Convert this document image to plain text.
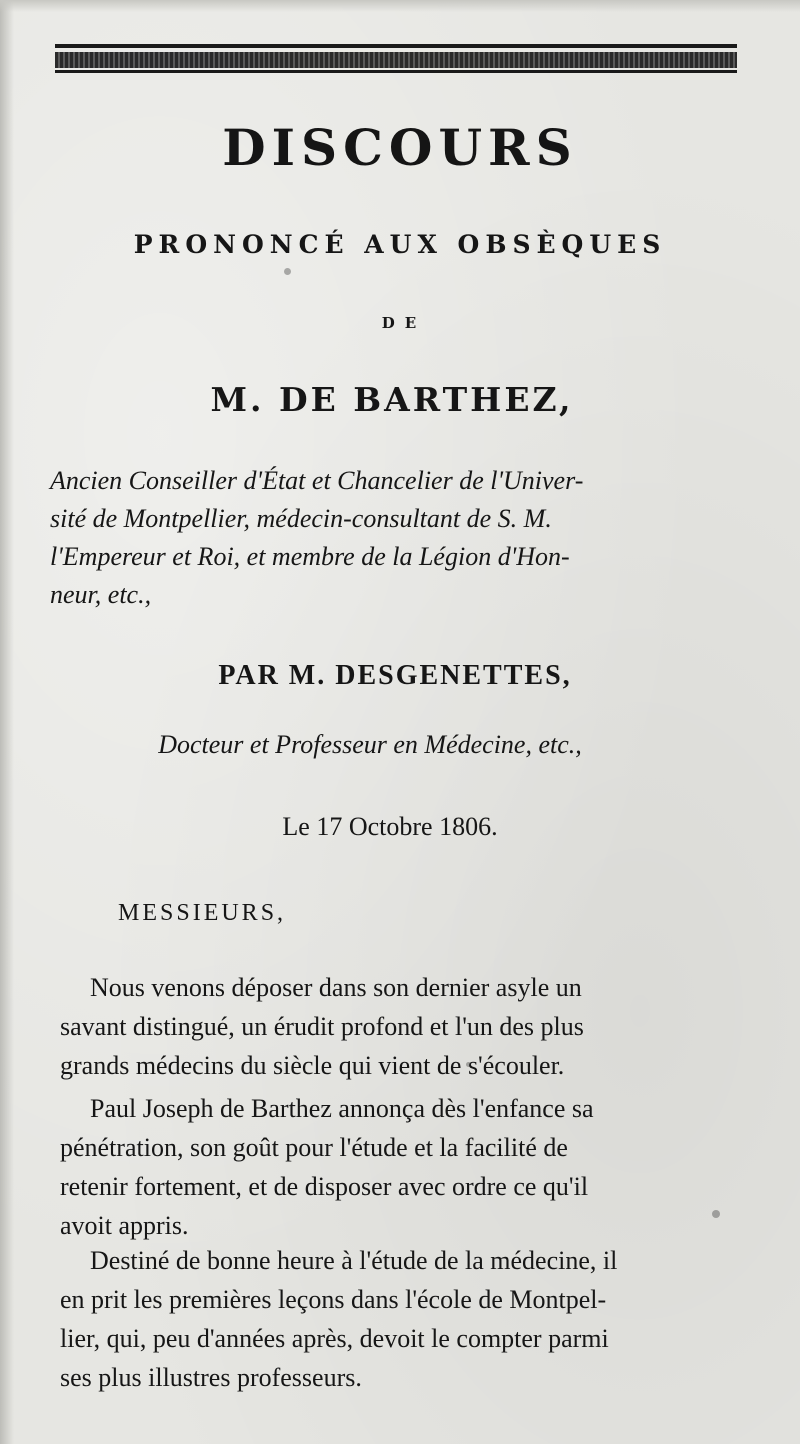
DISCOURS
PRONONCÉ AUX OBSÈQUES
DE
M. DE BARTHEZ,
Ancien Conseiller d'État et Chancelier de l'Univer-
sité de Montpellier, médecin-consultant de S. M.
l'Empereur et Roi, et membre de la Légion d'Hon-
neur, etc.,
PAR M. DESGENETTES,
Docteur et Professeur en Médecine, etc.,
Le 17 Octobre 1806.
MESSIEURS,
Nous venons déposer dans son dernier asyle un
savant distingué, un érudit profond et l'un des plus
grands médecins du siècle qui vient de s'écouler.
Paul Joseph de Barthez annonça dès l'enfance sa
pénétration, son goût pour l'étude et la facilité de
retenir fortement, et de disposer avec ordre ce qu'il
avoit appris.
Destiné de bonne heure à l'étude de la médecine, il
en prit les premières leçons dans l'école de Montpel-
lier, qui, peu d'années après, devoit le compter parmi
ses plus illustres professeurs.
